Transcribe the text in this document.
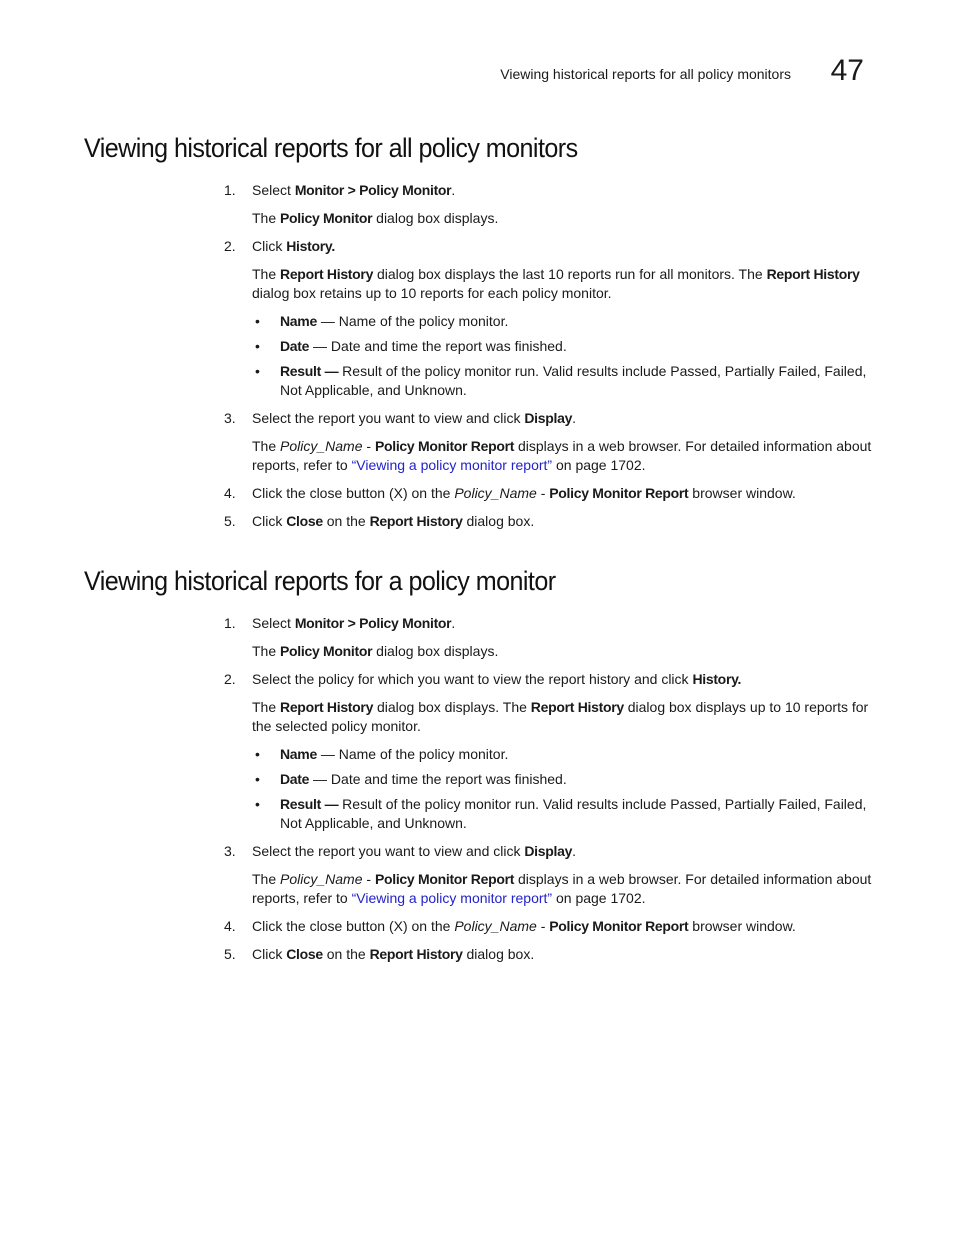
Viewing historical reports for all policy monitors 47
Viewing historical reports for all policy monitors

1. Select Monitor > Policy Monitor.

The Policy Monitor dialog box displays.

2. Click History.

The Report History dialog box displays the last 10 reports run for all monitors. The Report History dialog box retains up to 10 reports for each policy monitor.

• Name — Name of the policy monitor.
• Date — Date and time the report was finished.
• Result — Result of the policy monitor run. Valid results include Passed, Partially Failed, Failed, Not Applicable, and Unknown.

3. Select the report you want to view and click Display.

The Policy_Name - Policy Monitor Report displays in a web browser. For detailed information about reports, refer to “Viewing a policy monitor report” on page 1702.

4. Click the close button (X) on the Policy_Name - Policy Monitor Report browser window.

5. Click Close on the Report History dialog box.

Viewing historical reports for a policy monitor

1. Select Monitor > Policy Monitor.

The Policy Monitor dialog box displays.

2. Select the policy for which you want to view the report history and click History.

The Report History dialog box displays. The Report History dialog box displays up to 10 reports for the selected policy monitor.

• Name — Name of the policy monitor.
• Date — Date and time the report was finished.
• Result — Result of the policy monitor run. Valid results include Passed, Partially Failed, Failed, Not Applicable, and Unknown.

3. Select the report you want to view and click Display.

The Policy_Name - Policy Monitor Report displays in a web browser. For detailed information about reports, refer to “Viewing a policy monitor report” on page 1702.

4. Click the close button (X) on the Policy_Name - Policy Monitor Report browser window.

5. Click Close on the Report History dialog box.
